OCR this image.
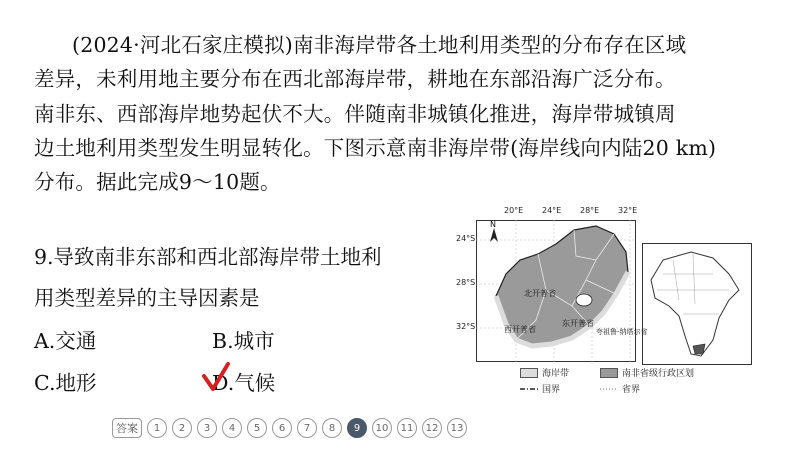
(2024·河北石家庄模拟)南非海岸带各土地利用类型的分布存在区域
差异，未利用地主要分布在西北部海岸带，耕地在东部沿海广泛分布。
南非东、西部海岸地势起伏不大。伴随南非城镇化推进，海岸带城镇周
边土地利用类型发生明显转化。下图示意南非海岸带(海岸线向内陆20 km)
分布。据此完成9～10题。
9.导致南非东部和西北部海岸带土地利
用类型差异的主导因素是
A.交通	B.城市
C.地形	D.气候
20°E 24°E 28°E 32°E
24°S
28°S
32°S
北开普省
西开普省
东开普省
夸祖鲁-纳塔尔省
N
海岸带	南非省级行政区划
国界	省界
答案	1	2	3	4	5	6	7	8	9	10	11	12	13
